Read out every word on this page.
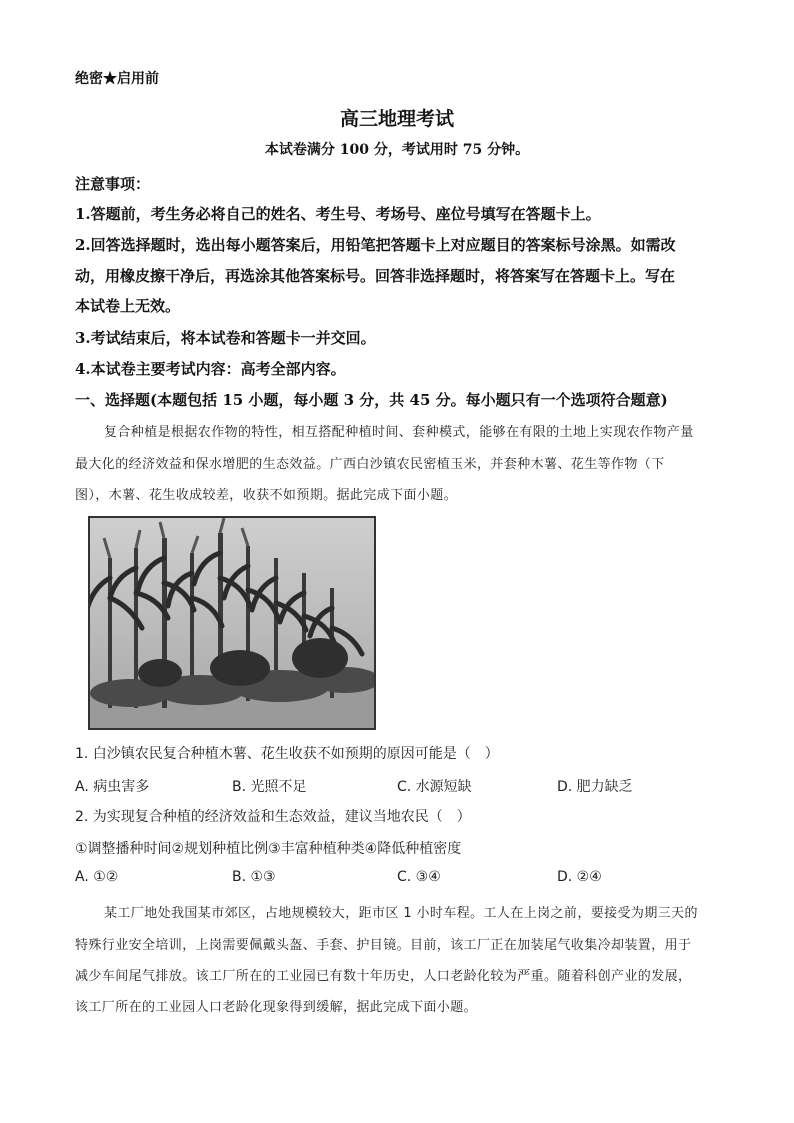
绝密★启用前
高三地理考试
本试卷满分 100 分，考试用时 75 分钟。
注意事项：
1.答题前，考生务必将自己的姓名、考生号、考场号、座位号填写在答题卡上。
2.回答选择题时，选出每小题答案后，用铅笔把答题卡上对应题目的答案标号涂黑。如需改
动，用橡皮擦干净后，再选涂其他答案标号。回答非选择题时，将答案写在答题卡上。写在
本试卷上无效。
3.考试结束后，将本试卷和答题卡一并交回。
4.本试卷主要考试内容：高考全部内容。
一、选择题(本题包括 15 小题，每小题 3 分，共 45 分。每小题只有一个选项符合题意)
复合种植是根据农作物的特性，相互搭配种植时间、套种模式，能够在有限的土地上实现农作物产量
最大化的经济效益和保水增肥的生态效益。广西白沙镇农民密植玉米，并套种木薯、花生等作物（下
图），木薯、花生收成较差，收获不如预期。据此完成下面小题。
1. 白沙镇农民复合种植木薯、花生收获不如预期的原因可能是（　）
A. 病虫害多	B. 光照不足	C. 水源短缺	D. 肥力缺乏
2. 为实现复合种植的经济效益和生态效益，建议当地农民（　）
①调整播种时间②规划种植比例③丰富种植种类④降低种植密度
A. ①②	B. ①③	C. ③④	D. ②④
某工厂地处我国某市郊区，占地规模较大，距市区 1 小时车程。工人在上岗之前，要接受为期三天的
特殊行业安全培训，上岗需要佩戴头盔、手套、护目镜。目前，该工厂正在加装尾气收集冷却装置，用于
减少车间尾气排放。该工厂所在的工业园已有数十年历史，人口老龄化较为严重。随着科创产业的发展，
该工厂所在的工业园人口老龄化现象得到缓解，据此完成下面小题。
